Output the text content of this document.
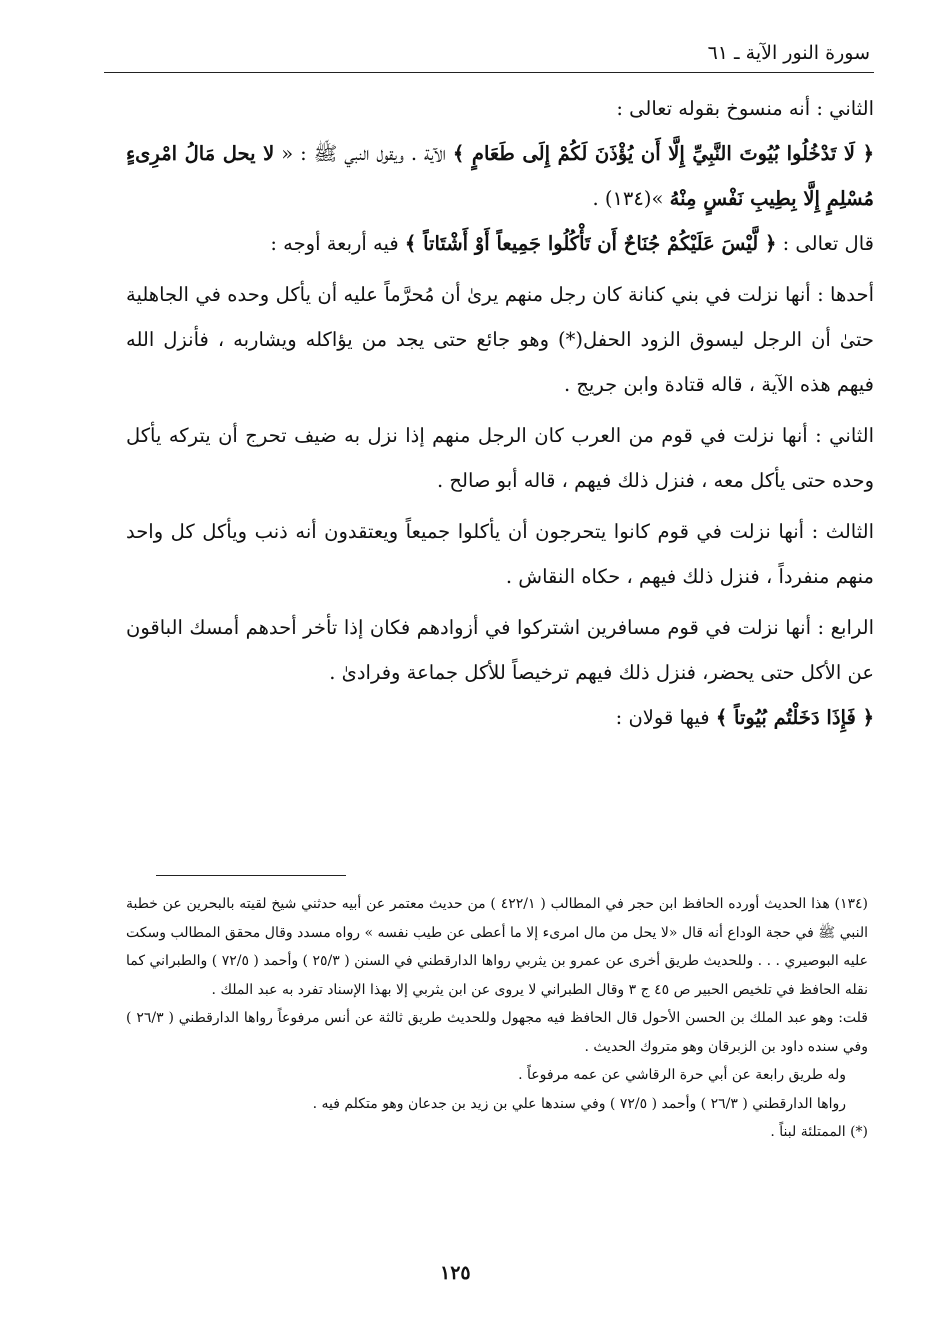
سورة النور الآية ـ ٦١

الثاني : أنه منسوخ بقوله تعالى :
﴿ لَا تَدْخُلُوا بُيُوتَ النَّبِيِّ إِلَّا أَن يُؤْذَنَ لَكُمْ إِلَى طَعَامٍ ﴾ الآية . ويقول النبي ﷺ : « لا يحل مَالُ امْرِىءٍ مُسْلِمٍ إِلَّا بِطِيبِ نَفْسٍ مِنْهُ »(١٣٤) .

قال تعالى : ﴿ لَّيْسَ عَلَيْكُمْ جُنَاحٌ أَن تَأْكُلُوا جَمِيعاً أَوْ أَشْتَاتاً ﴾ فيه أربعة أوجه :

أحدها : أنها نزلت في بني كنانة كان رجل منهم يرىٰ أن مُحرَّماً عليه أن يأكل وحده في الجاهلية حتىٰ أن الرجل ليسوق الزود الحفل(*) وهو جائع حتى يجد من يؤاكله ويشاربه ، فأنزل الله فيهم هذه الآية ، قاله قتادة وابن جريج .

الثاني : أنها نزلت في قوم من العرب كان الرجل منهم إذا نزل به ضيف تحرج أن يتركه يأكل وحده حتى يأكل معه ، فنزل ذلك فيهم ، قاله أبو صالح .

الثالث : أنها نزلت في قوم كانوا يتحرجون أن يأكلوا جميعاً ويعتقدون أنه ذنب ويأكل كل واحد منهم منفرداً ، فنزل ذلك فيهم ، حكاه النقاش .

الرابع : أنها نزلت في قوم مسافرين اشتركوا في أزوادهم فكان إذا تأخر أحدهم أمسك الباقون عن الأكل حتى يحضر، فنزل ذلك فيهم ترخيصاً للأكل جماعة وفرادىٰ .

﴿ فَإِذَا دَخَلْتُم بُيُوتاً ﴾ فيها قولان :

(١٣٤) هذا الحديث أورده الحافظ ابن حجر في المطالب ( ٤٢٢/١ ) من حديث معتمر عن أبيه حدثني شيخ لقيته بالبحرين عن خطبة النبي ﷺ في حجة الوداع أنه قال «لا يحل من مال امرىء إلا ما أعطى عن طيب نفسه » رواه مسدد وقال محقق المطالب وسكت عليه البوصيري . . . وللحديث طريق أخرى عن عمرو بن يثربي رواها الدارقطني في السنن ( ٢٥/٣ ) وأحمد ( ٧٢/٥ ) والطبراني كما نقله الحافظ في تلخيص الحبير ص ٤٥ ج ٣ وقال الطبراني لا يروى عن ابن يثربي إلا بهذا الإسناد تفرد به عبد الملك .

قلت: وهو عبد الملك بن الحسن الأحول قال الحافظ فيه مجهول وللحديث طريق ثالثة عن أنس مرفوعاً رواها الدارقطني ( ٢٦/٣ ) وفي سنده داود بن الزبرقان وهو متروك الحديث .

وله طريق رابعة عن أبي حرة الرقاشي عن عمه مرفوعاً .

رواها الدارقطني ( ٢٦/٣ ) وأحمد ( ٧٢/٥ ) وفي سندها علي بن زيد بن جدعان وهو متكلم فيه .

(*) الممتلئة لبناً .

١٢٥
